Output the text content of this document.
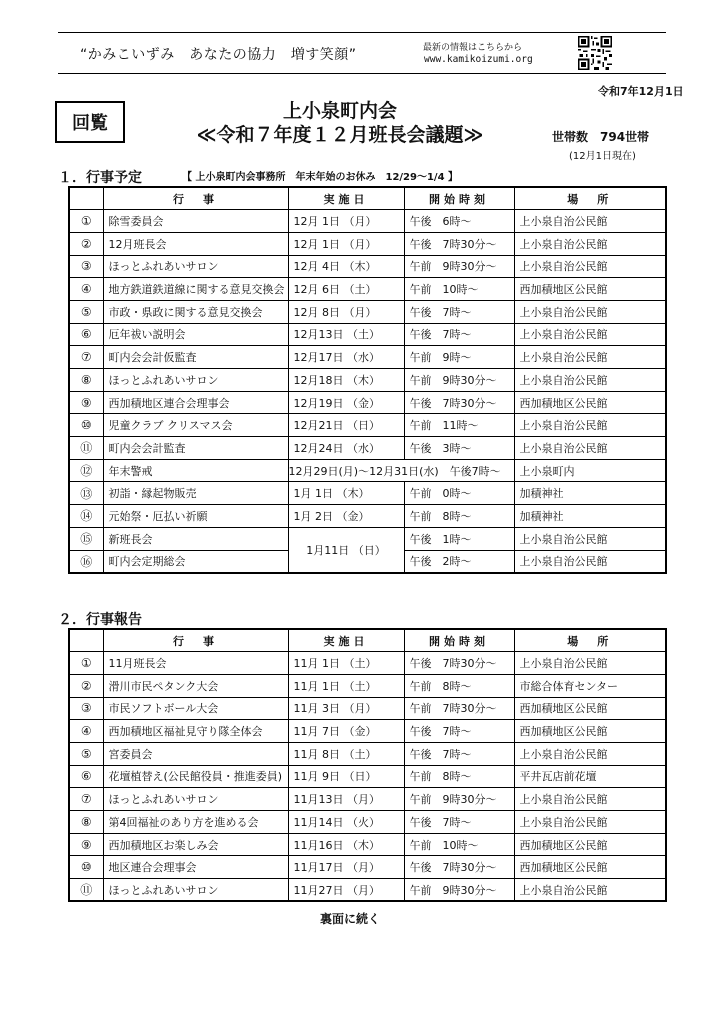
“かみこいずみ　あなたの協力　増す笑顔”	最新の情報はこちらから
www.kamikoizumi.org
令和7年12月1日
回覧
上小泉町内会
≪令和７年度１２月班長会議題≫	世帯数　794世帯
(12月1日現在)
１．行事予定	【 上小泉町内会事務所　年末年始のお休み　12/29～1/4 】
	行　事	実施日	開始時刻	場　所
①	除雪委員会	12月 1日 （月）	午後　6時～	上小泉自治公民館
②	12月班長会	12月 1日 （月）	午後　7時30分～	上小泉自治公民館
③	ほっとふれあいサロン	12月 4日 （木）	午前　9時30分～	上小泉自治公民館
④	地方鉄道鉄道線に関する意見交換会	12月 6日 （土）	午前　10時～	西加積地区公民館
⑤	市政・県政に関する意見交換会	12月 8日 （月）	午後　7時～	上小泉自治公民館
⑥	厄年祓い説明会	12月13日 （土）	午後　7時～	上小泉自治公民館
⑦	町内会会計仮監査	12月17日 （水）	午前　9時～	上小泉自治公民館
⑧	ほっとふれあいサロン	12月18日 （木）	午前　9時30分～	上小泉自治公民館
⑨	西加積地区連合会理事会	12月19日 （金）	午後　7時30分～	西加積地区公民館
⑩	児童クラブ クリスマス会	12月21日 （日）	午前　11時～	上小泉自治公民館
⑪	町内会会計監査	12月24日 （水）	午後　3時～	上小泉自治公民館
⑫	年末警戒	12月29日(月)～12月31日(水)　午後7時～		上小泉町内
⑬	初詣・縁起物販売	1月 1日 （木）	午前　0時～	加積神社
⑭	元始祭・厄払い祈願	1月 2日 （金）	午前　8時～	加積神社
⑮	新班長会	1月11日 （日）	午後　1時～	上小泉自治公民館
⑯	町内会定期総会		午後　2時～	上小泉自治公民館
２．行事報告
	行　事	実施日	開始時刻	場　所
①	11月班長会	11月 1日 （土）	午後　7時30分～	上小泉自治公民館
②	滑川市民ペタンク大会	11月 1日 （土）	午前　8時～	市総合体育センター
③	市民ソフトボール大会	11月 3日 （月）	午前　7時30分～	西加積地区公民館
④	西加積地区福祉見守り隊全体会	11月 7日 （金）	午後　7時～	西加積地区公民館
⑤	宮委員会	11月 8日 （土）	午後　7時～	上小泉自治公民館
⑥	花壇植替え(公民館役員・推進委員)	11月 9日 （日）	午前　8時～	平井瓦店前花壇
⑦	ほっとふれあいサロン	11月13日 （月）	午前　9時30分～	上小泉自治公民館
⑧	第4回福祉のあり方を進める会	11月14日 （火）	午後　7時～	上小泉自治公民館
⑨	西加積地区お楽しみ会	11月16日 （木）	午前　10時～	西加積地区公民館
⑩	地区連合会理事会	11月17日 （月）	午後　7時30分～	西加積地区公民館
⑪	ほっとふれあいサロン	11月27日 （月）	午前　9時30分～	上小泉自治公民館
裏面に続く
